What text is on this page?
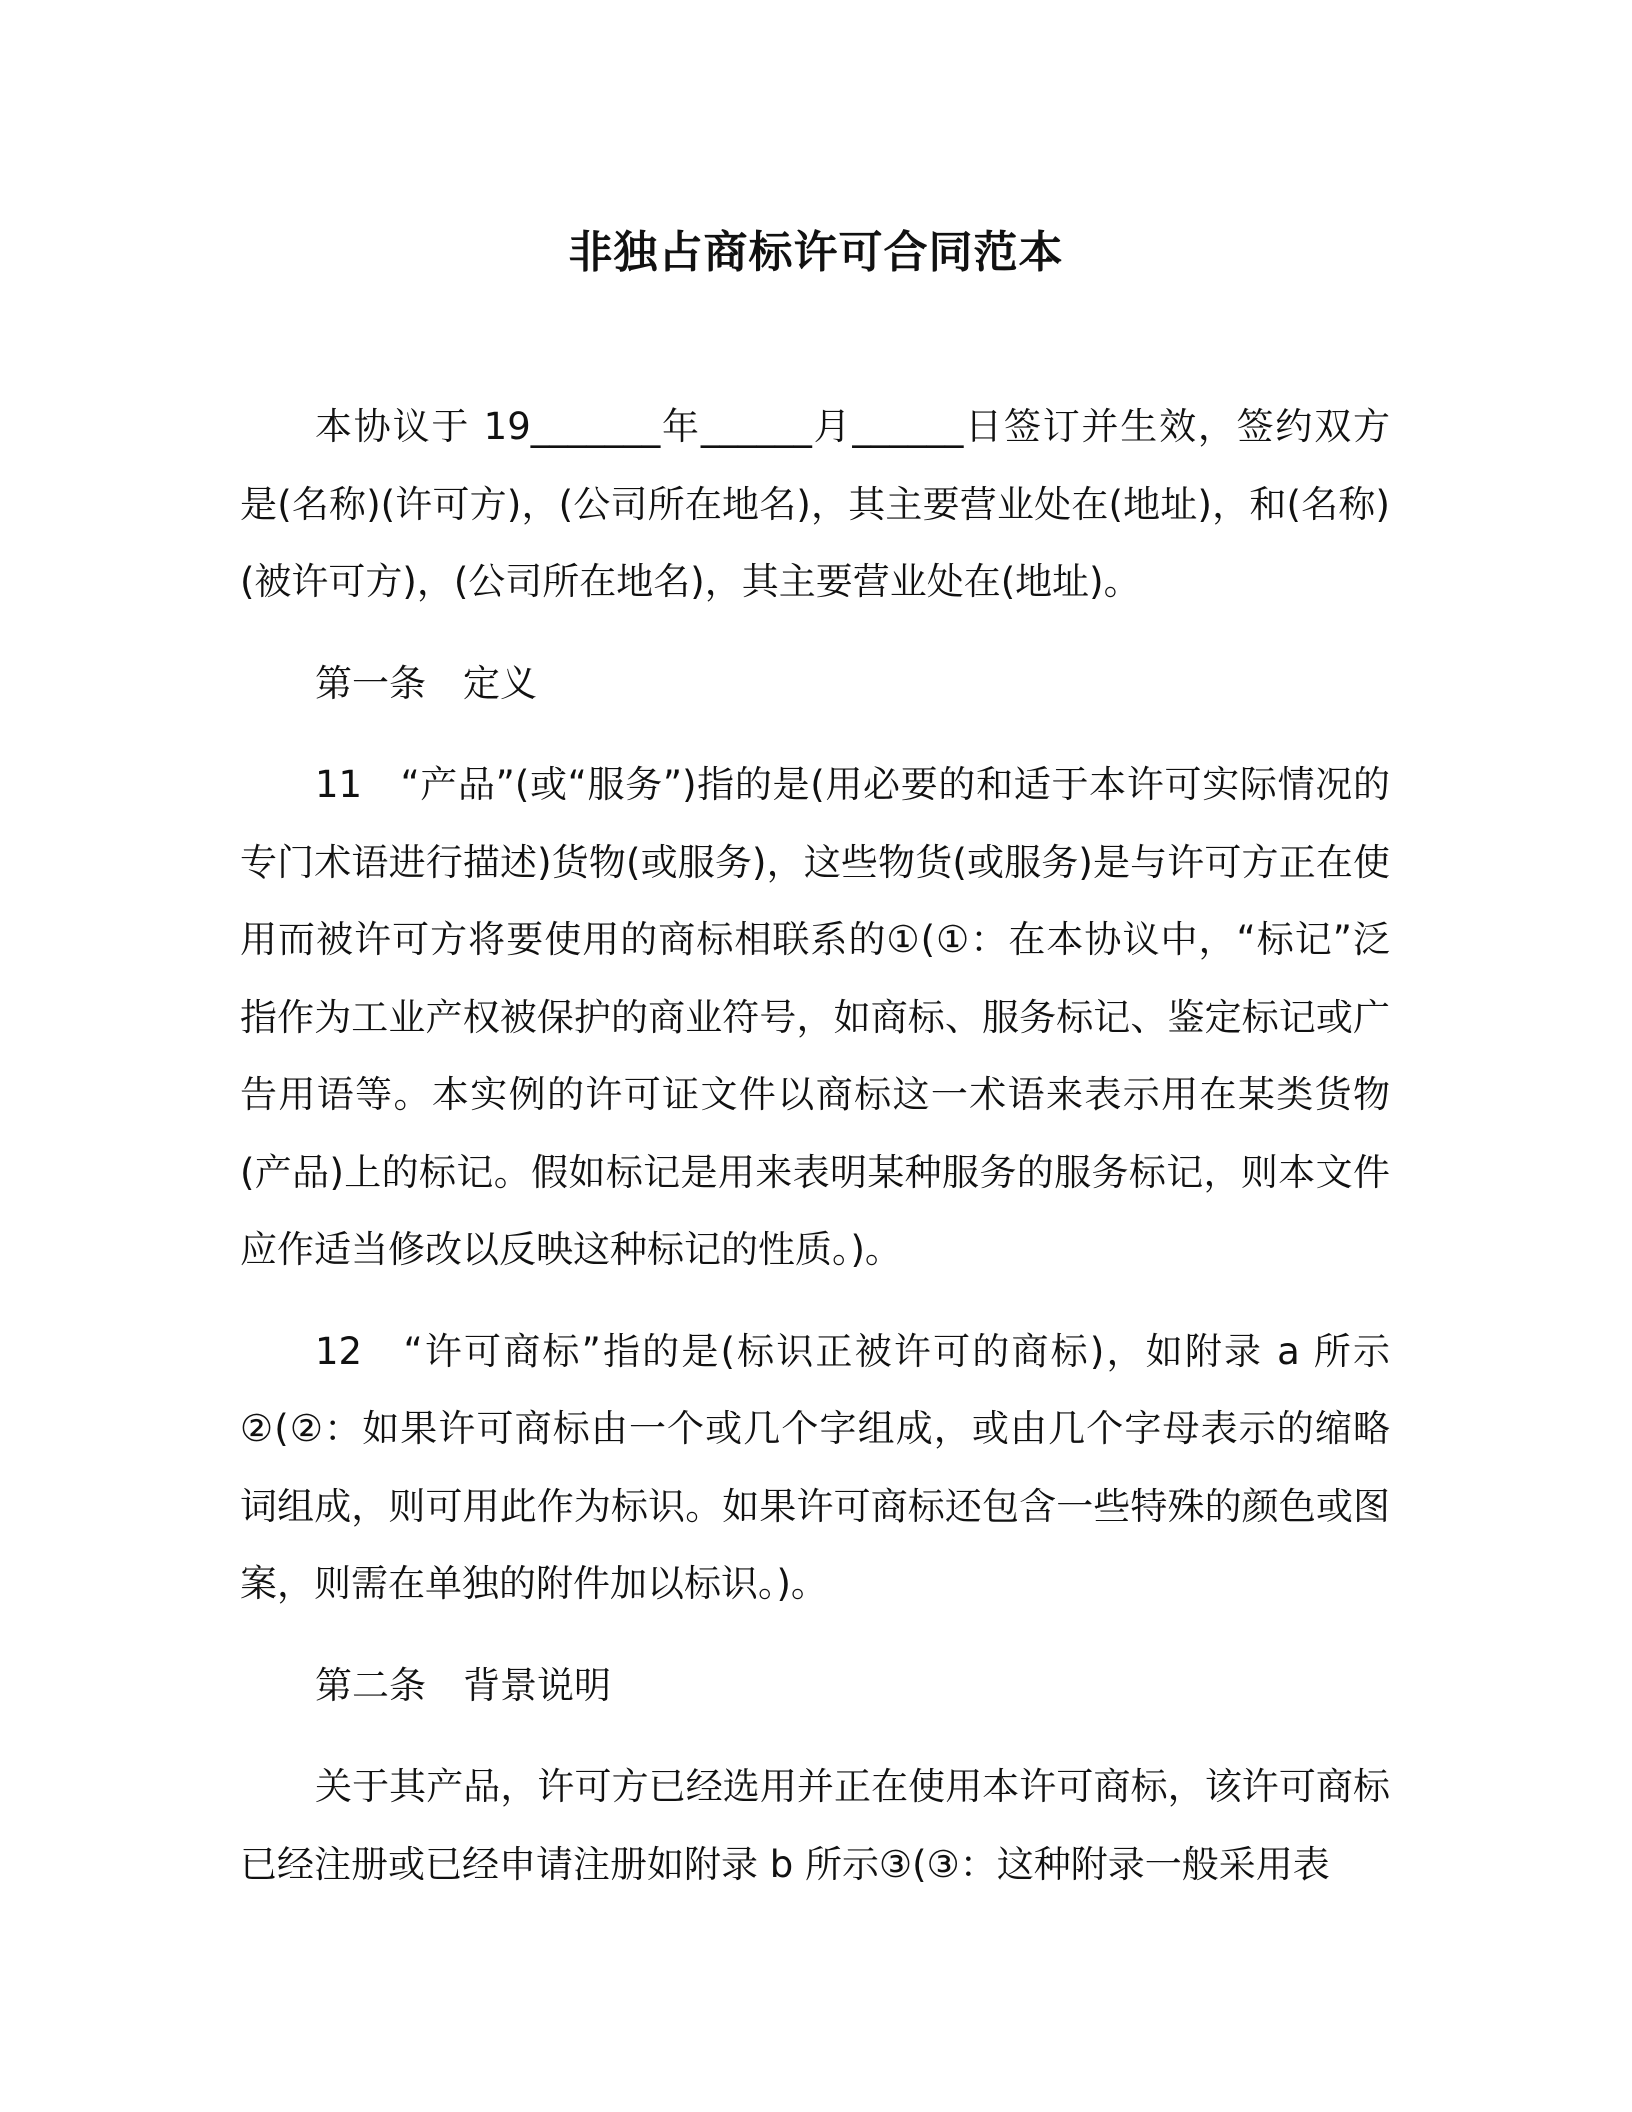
非独占商标许可合同范本

本协议于 19_______年______月______日签订并生效，签约双方是(名称)(许可方)，(公司所在地名)，其主要营业处在(地址)，和(名称)(被许可方)，(公司所在地名)，其主要营业处在(地址)。

第一条　定义

11　“产品”(或“服务”)指的是(用必要的和适于本许可实际情况的专门术语进行描述)货物(或服务)，这些物货(或服务)是与许可方正在使用而被许可方将要使用的商标相联系的①(①：在本协议中，“标记”泛指作为工业产权被保护的商业符号，如商标、服务标记、鉴定标记或广告用语等。本实例的许可证文件以商标这一术语来表示用在某类货物(产品)上的标记。假如标记是用来表明某种服务的服务标记，则本文件应作适当修改以反映这种标记的性质。)。

12　“许可商标”指的是(标识正被许可的商标)，如附录 a 所示②(②：如果许可商标由一个或几个字组成，或由几个字母表示的缩略词组成，则可用此作为标识。如果许可商标还包含一些特殊的颜色或图案，则需在单独的附件加以标识。)。

第二条　背景说明

关于其产品，许可方已经选用并正在使用本许可商标，该许可商标已经注册或已经申请注册如附录 b 所示③(③：这种附录一般采用表
